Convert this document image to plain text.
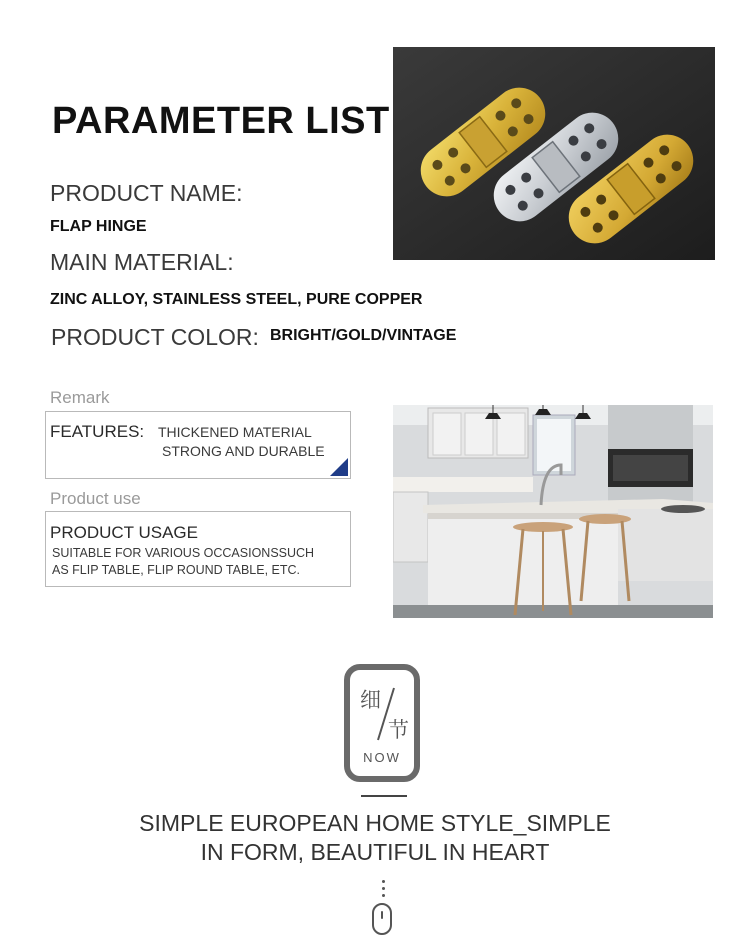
PARAMETER LIST
PRODUCT NAME:
FLAP HINGE
MAIN MATERIAL:
ZINC ALLOY, STAINLESS STEEL, PURE COPPER
PRODUCT COLOR: BRIGHT/GOLD/VINTAGE
Remark
FEATURES: THICKENED MATERIAL
STRONG AND DURABLE
Product use
PRODUCT USAGE
SUITABLE FOR VARIOUS OCCASIONSSUCH
AS FLIP TABLE, FLIP ROUND TABLE, ETC.
细
节
NOW
SIMPLE EUROPEAN HOME STYLE_SIMPLE
IN FORM, BEAUTIFUL IN HEART
